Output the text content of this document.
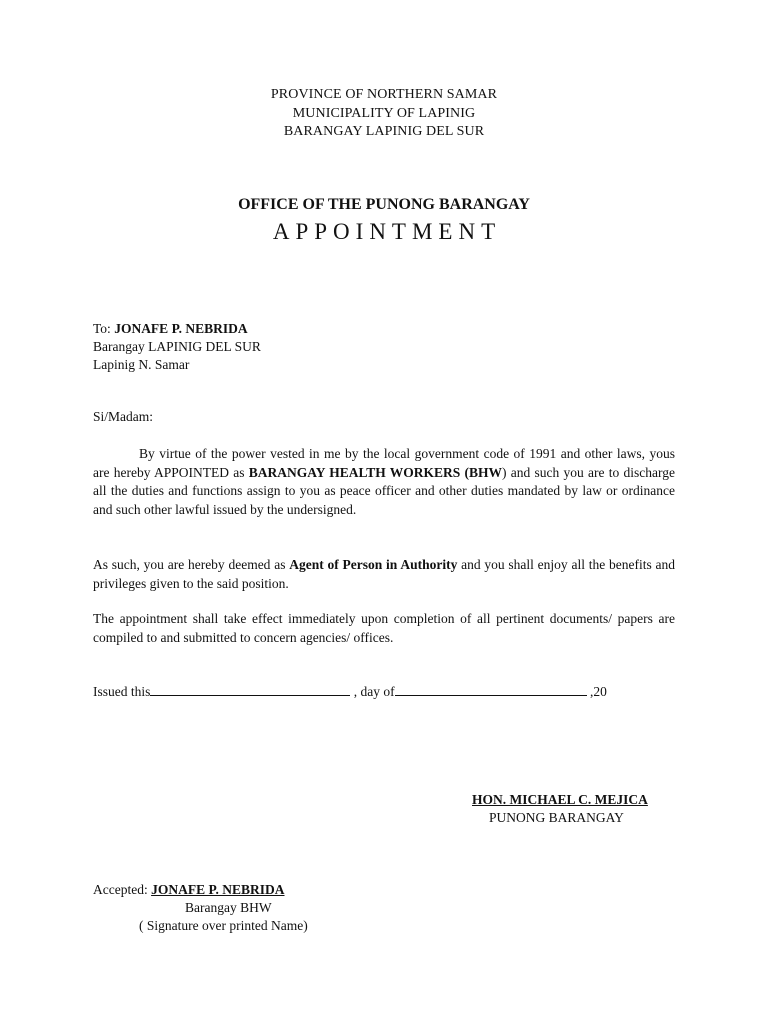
PROVINCE OF NORTHERN SAMAR
MUNICIPALITY OF LAPINIG
BARANGAY LAPINIG DEL SUR
OFFICE OF THE PUNONG BARANGAY
APPOINTMENT
To: JONAFE P. NEBRIDA
Barangay LAPINIG DEL SUR
Lapinig N. Samar
Si/Madam:
By virtue of the power vested in me by the local government code of 1991 and other laws, yous are hereby APPOINTED as BARANGAY HEALTH WORKERS (BHW) and such you are to discharge all the duties and functions assign to you as peace officer and other duties mandated by law or ordinance and such other lawful issued by the undersigned.
As such, you are hereby deemed as Agent of Person in Authority and you shall enjoy all the benefits and privileges given to the said position.
The appointment shall take effect immediately upon completion of all pertinent documents/ papers are compiled to and submitted to concern agencies/ offices.
Issued this	, day of	,20
HON. MICHAEL C. MEJICA
PUNONG BARANGAY
Accepted: JONAFE P. NEBRIDA
Barangay BHW
( Signature over printed Name)
